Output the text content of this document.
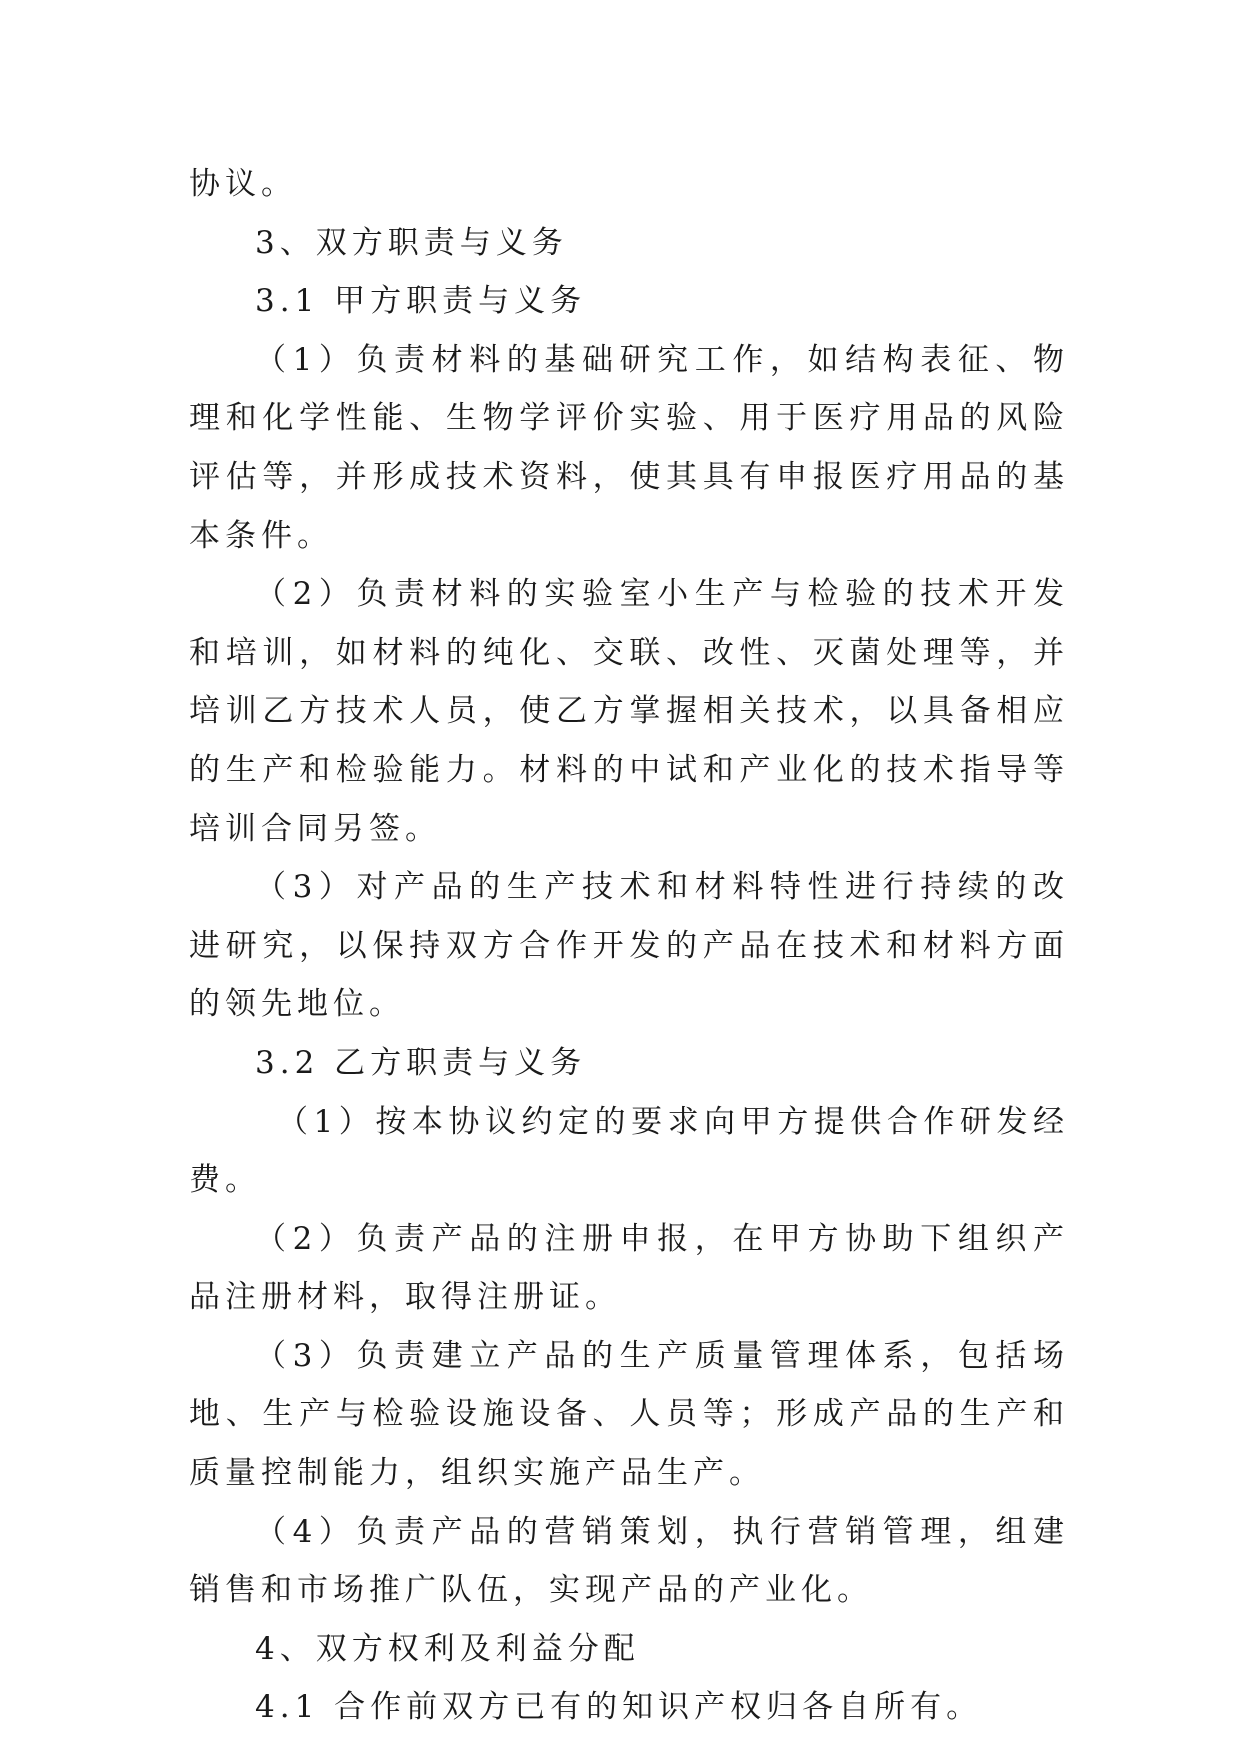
协议。

3、双方职责与义务

3.1 甲方职责与义务

（1）负责材料的基础研究工作，如结构表征、物理和化学性能、生物学评价实验、用于医疗用品的风险评估等，并形成技术资料，使其具有申报医疗用品的基本条件。

（2）负责材料的实验室小生产与检验的技术开发和培训，如材料的纯化、交联、改性、灭菌处理等，并培训乙方技术人员，使乙方掌握相关技术，以具备相应的生产和检验能力。材料的中试和产业化的技术指导等培训合同另签。

（3）对产品的生产技术和材料特性进行持续的改进研究，以保持双方合作开发的产品在技术和材料方面的领先地位。

3.2 乙方职责与义务

（1）按本协议约定的要求向甲方提供合作研发经费。

（2）负责产品的注册申报，在甲方协助下组织产品注册材料，取得注册证。

（3）负责建立产品的生产质量管理体系，包括场地、生产与检验设施设备、人员等；形成产品的生产和质量控制能力，组织实施产品生产。

（4）负责产品的营销策划，执行营销管理，组建销售和市场推广队伍，实现产品的产业化。

4、双方权利及利益分配

4.1 合作前双方已有的知识产权归各自所有。
